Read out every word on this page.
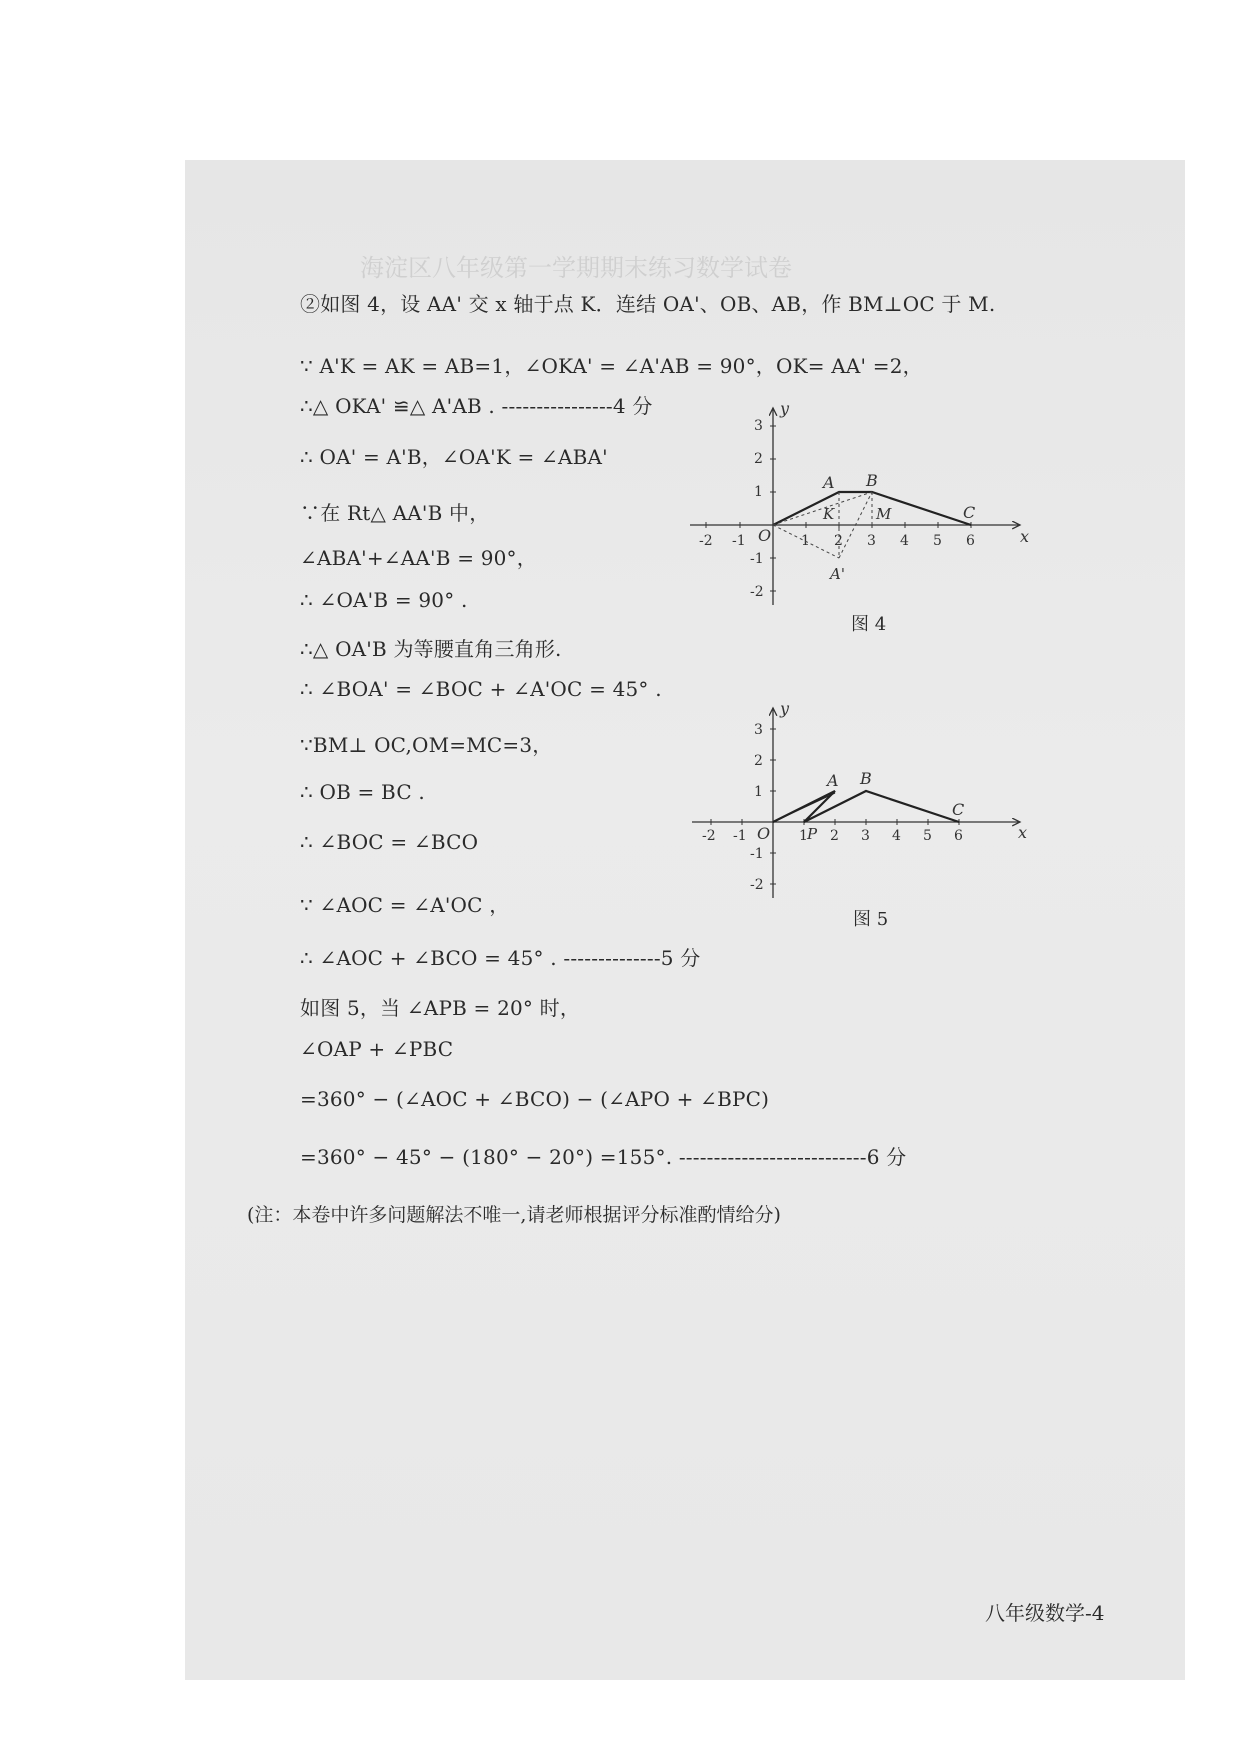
海淀区八年级第一学期期末练习数学试卷
②如图 4，设 AA' 交 x 轴于点 K．连结 OA'、OB、AB，作 BM⊥OC 于 M.
∵ A'K = AK = AB=1，∠OKA' = ∠A'AB = 90°，OK= AA' =2，
∴△ OKA' ≌△ A'AB . ----------------4 分
∴ OA' = A'B，∠OA'K = ∠ABA'
∵在 Rt△ AA'B 中，
∠ABA'+∠AA'B = 90°，
∴ ∠OA'B = 90° .
∴△ OA'B 为等腰直角三角形.
∴ ∠BOA' = ∠BOC + ∠A'OC = 45° .
∵BM⊥ OC,OM=MC=3，
∴ OB = BC .
∴ ∠BOC = ∠BCO
∵ ∠AOC = ∠A'OC ，
∴ ∠AOC + ∠BCO = 45° . --------------5 分
如图 5，当 ∠APB = 20° 时，
∠OAP + ∠PBC
=360° − (∠AOC + ∠BCO) − (∠APO + ∠BPC)
=360° − 45° − (180° − 20°) =155°. ---------------------------6 分
(注：本卷中许多问题解法不唯一,请老师根据评分标准酌情给分)
八年级数学-4
x
y
-2 -1	1 2 3 4 5 6
3
2
1
-1
-2
A B
C
K	M
O
A'
图 4
x
y
-2 -1	1 2 3 4 5 6
3
2
1
-1
-2
A B
C
P
O
图 5
